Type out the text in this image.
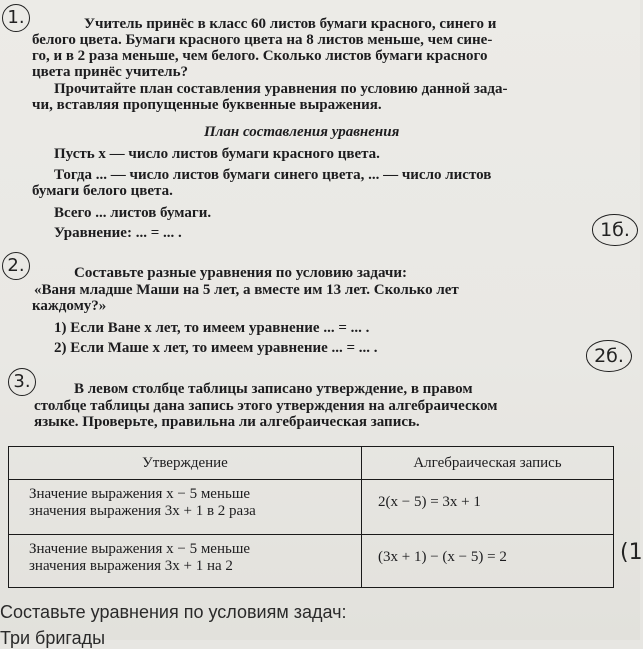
1.	Учитель принёс в класс 60 листов бумаги красного, синего и
белого цвета. Бумаги красного цвета на 8 листов меньше, чем сине-
го, и в 2 раза меньше, чем белого. Сколько листов бумаги красного
цвета принёс учитель?
Прочитайте план составления уравнения по условию данной зада-
чи, вставляя пропущенные буквенные выражения.
План составления уравнения
Пусть x — число листов бумаги красного цвета.
Тогда ... — число листов бумаги синего цвета, ... — число листов
бумаги белого цвета.
Всего ... листов бумаги.
Уравнение: ... = ... .	1б.
2.	Составьте разные уравнения по условию задачи:
«Ваня младше Маши на 5 лет, а вместе им 13 лет. Сколько лет
каждому?»
1) Если Ване x лет, то имеем уравнение ... = ... .
2) Если Маше x лет, то имеем уравнение ... = ... .	2б.
3.	В левом столбце таблицы записано утверждение, в правом
столбце таблицы дана запись этого утверждения на алгебраическом
языке. Проверьте, правильна ли алгебраическая запись.
Утверждение	Алгебраическая запись

Значение выражения x − 5 меньше
значения выражения 3x + 1 в 2 раза	2(x − 5) = 3x + 1

Значение выражения x − 5 меньше
значения выражения 3x + 1 на 2	(3x + 1) − (x − 5) = 2	(1
Составьте уравнения по условиям задач:
Три бригады
